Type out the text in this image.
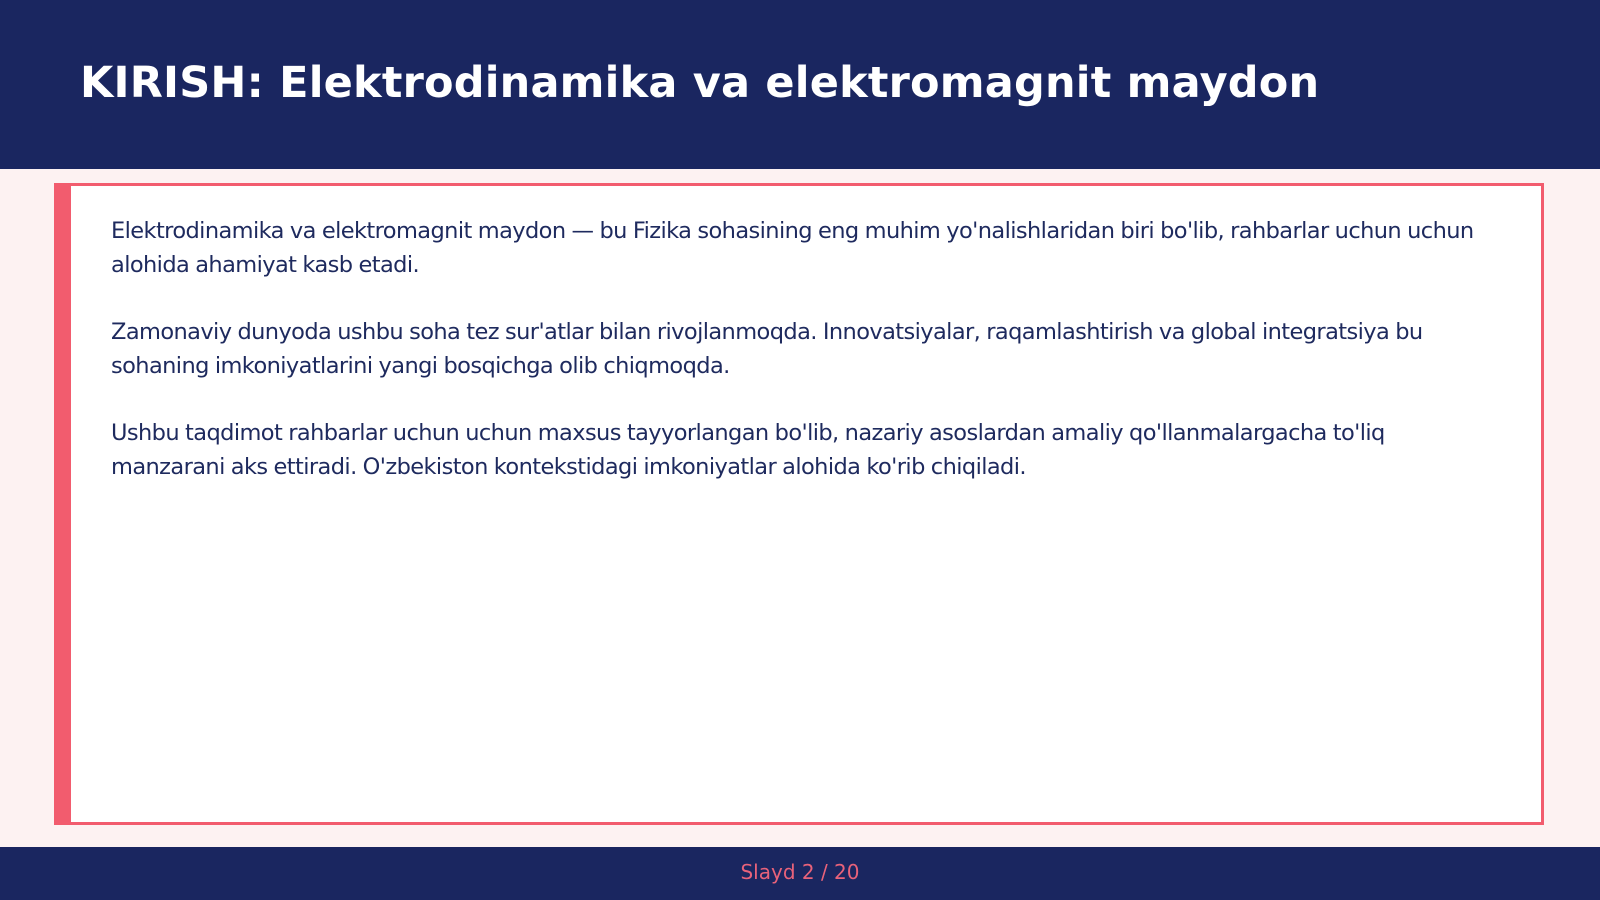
KIRISH: Elektrodinamika va elektromagnit maydon

Elektrodinamika va elektromagnit maydon — bu Fizika sohasining eng muhim yo'nalishlaridan biri bo'lib, rahbarlar uchun uchun alohida ahamiyat kasb etadi.

Zamonaviy dunyoda ushbu soha tez sur'atlar bilan rivojlanmoqda. Innovatsiyalar, raqamlashtirish va global integratsiya bu sohaning imkoniyatlarini yangi bosqichga olib chiqmoqda.

Ushbu taqdimot rahbarlar uchun uchun maxsus tayyorlangan bo'lib, nazariy asoslardan amaliy qo'llanmalargacha to'liq manzarani aks ettiradi. O'zbekiston kontekstidagi imkoniyatlar alohida ko'rib chiqiladi.

Slayd 2 / 20
